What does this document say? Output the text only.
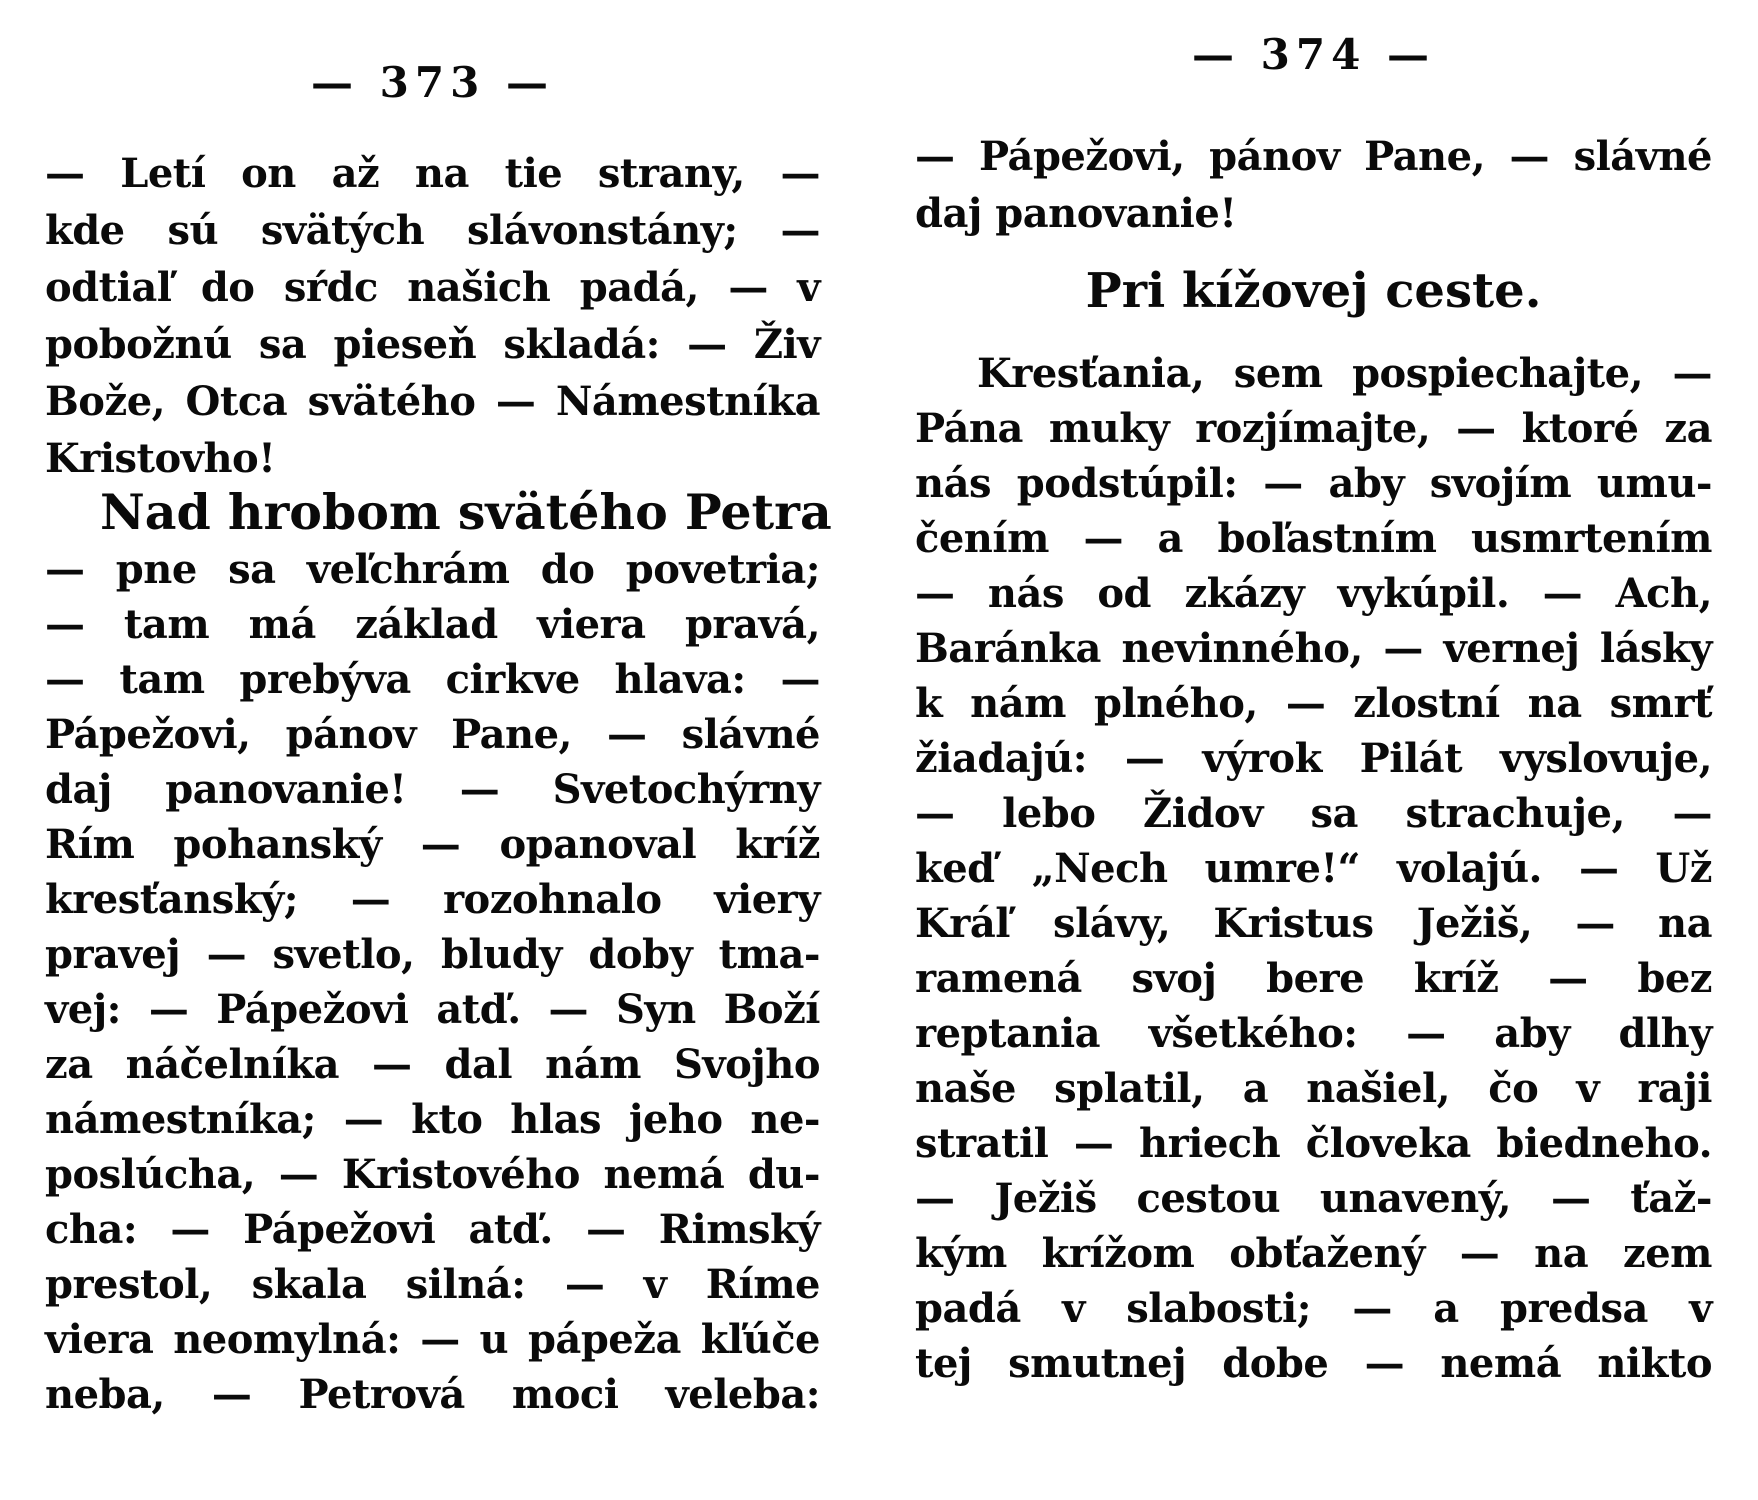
— 373 —
— Letí on až na tie strany, —
kde sú svätých slávonstány; —
odtiaľ do sŕdc našich padá, — v
pobožnú sa pieseň skladá: — Živ
Bože, Otca svätého — Námestníka
Kristovho!
Nad hrobom svätého Petra
— pne sa veľchrám do povetria;
— tam má základ viera pravá,
— tam prebýva cirkve hlava: —
Pápežovi, pánov Pane, — slávné
daj panovanie! — Svetochýrny
Rím pohanský — opanoval kríž
kresťanský; — rozohnalo viery
pravej — svetlo, bludy doby tma-
vej: — Pápežovi atď. — Syn Boží
za náčelníka — dal nám Svojho
námestníka; — kto hlas jeho ne-
poslúcha, — Kristového nemá du-
cha: — Pápežovi atď. — Rimský
prestol, skala silná: — v Ríme
viera neomylná: — u pápeža kľúče
neba, — Petrová moci veleba:
— 374 —
— Pápežovi, pánov Pane, — slávné
daj panovanie!
Pri kížovej ceste.
Kresťania, sem pospiechajte, —
Pána muky rozjímajte, — ktoré za
nás podstúpil: — aby svojím umu-
čením — a boľastním usmrtením
— nás od zkázy vykúpil. — Ach,
Baránka nevinného, — vernej lásky
k nám plného, — zlostní na smrť
žiadajú: — výrok Pilát vyslovuje,
— lebo Židov sa strachuje, —
keď „Nech umre!“ volajú. — Už
Kráľ slávy, Kristus Ježiš, — na
ramená svoj bere kríž — bez
reptania všetkého: — aby dlhy
naše splatil, a našiel, čo v raji
stratil — hriech človeka biedneho.
— Ježiš cestou unavený, — ťaž-
kým krížom obťažený — na zem
padá v slabosti; — a predsa v
tej smutnej dobe — nemá nikto
